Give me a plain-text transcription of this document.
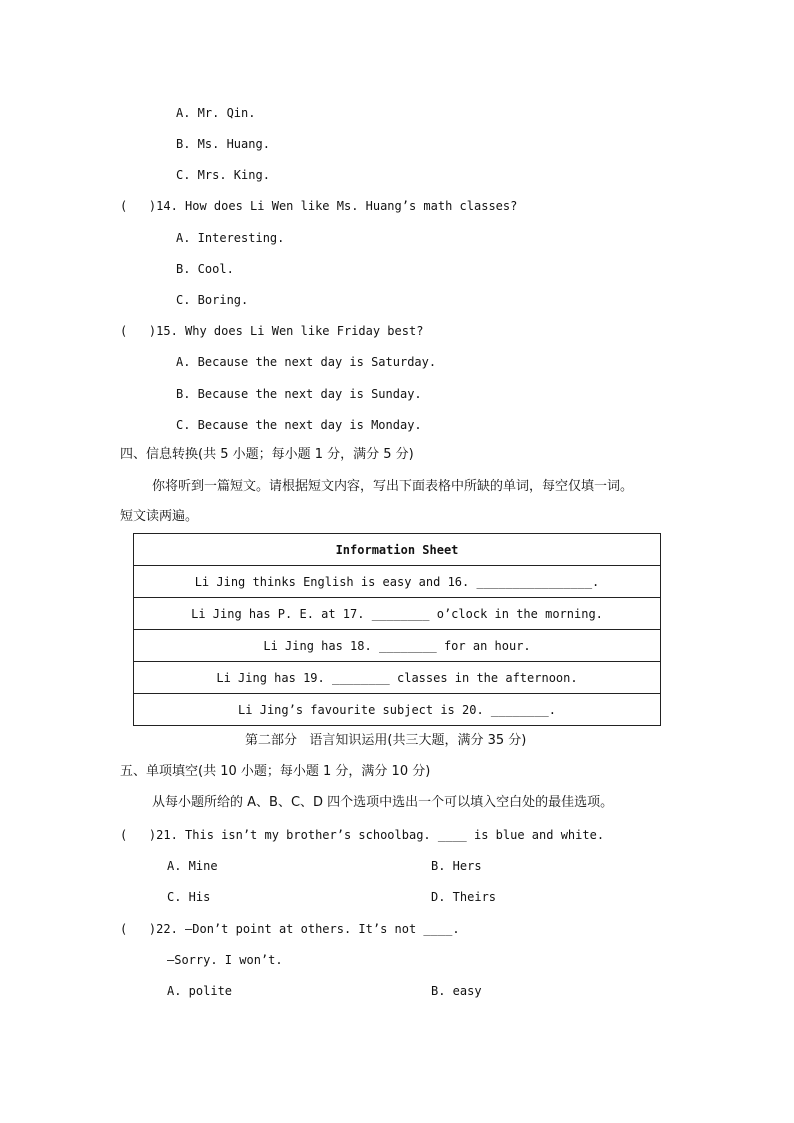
A. Mr. Qin.
B. Ms. Huang.
C. Mrs. King.
(   )14. How does Li Wen like Ms. Huang’s math classes?
A. Interesting.
B. Cool.
C. Boring.
(   )15. Why does Li Wen like Friday best?
A. Because the next day is Saturday.
B. Because the next day is Sunday.
C. Because the next day is Monday.
四、信息转换(共 5 小题；每小题 1 分，满分 5 分)
你将听到一篇短文。请根据短文内容，写出下面表格中所缺的单词，每空仅填一词。
短文读两遍。
Information Sheet
Li Jing thinks English is easy and 16. ________________.
Li Jing has P. E. at 17. ________ o’clock in the morning.
Li Jing has 18. ________ for an hour.
Li Jing has 19. ________ classes in the afternoon.
Li Jing’s favourite subject is 20. ________.
第二部分   语言知识运用(共三大题，满分 35 分)
五、单项填空(共 10 小题；每小题 1 分，满分 10 分)
从每小题所给的 A、B、C、D 四个选项中选出一个可以填入空白处的最佳选项。
(   )21. This isn’t my brother’s schoolbag. ____ is blue and white.
A. Mine	B. Hers
C. His	D. Theirs
(   )22. —Don’t point at others. It’s not ____.
—Sorry. I won’t.
A. polite	B. easy
